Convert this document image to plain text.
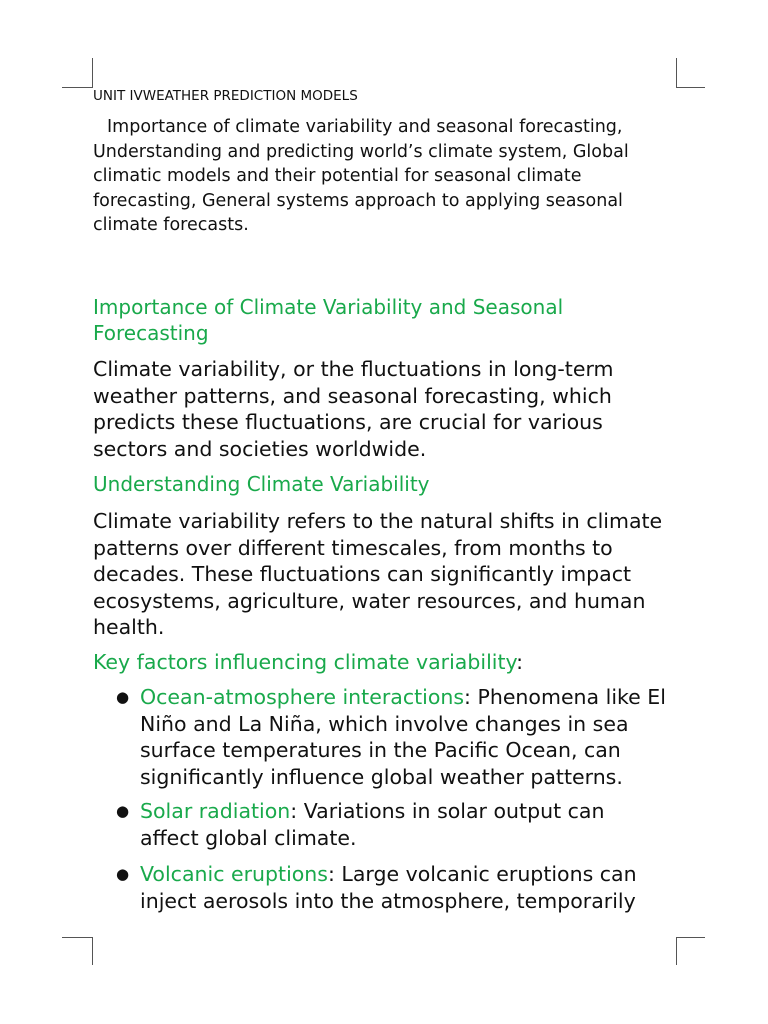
UNIT IVWEATHER PREDICTION MODELS
Importance of climate variability and seasonal forecasting, Understanding and predicting world’s climate system, Global climatic models and their potential for seasonal climate forecasting, General systems approach to applying seasonal climate forecasts.
Importance of Climate Variability and Seasonal Forecasting
Climate variability, or the fluctuations in long-term weather patterns, and seasonal forecasting, which predicts these fluctuations, are crucial for various sectors and societies worldwide.
Understanding Climate Variability
Climate variability refers to the natural shifts in climate patterns over different timescales, from months to decades. These fluctuations can significantly impact ecosystems, agriculture, water resources, and human health.
Key factors influencing climate variability:
● Ocean-atmosphere interactions: Phenomena like El Niño and La Niña, which involve changes in sea surface temperatures in the Pacific Ocean, can significantly influence global weather patterns.
● Solar radiation: Variations in solar output can affect global climate.
● Volcanic eruptions: Large volcanic eruptions can inject aerosols into the atmosphere, temporarily
